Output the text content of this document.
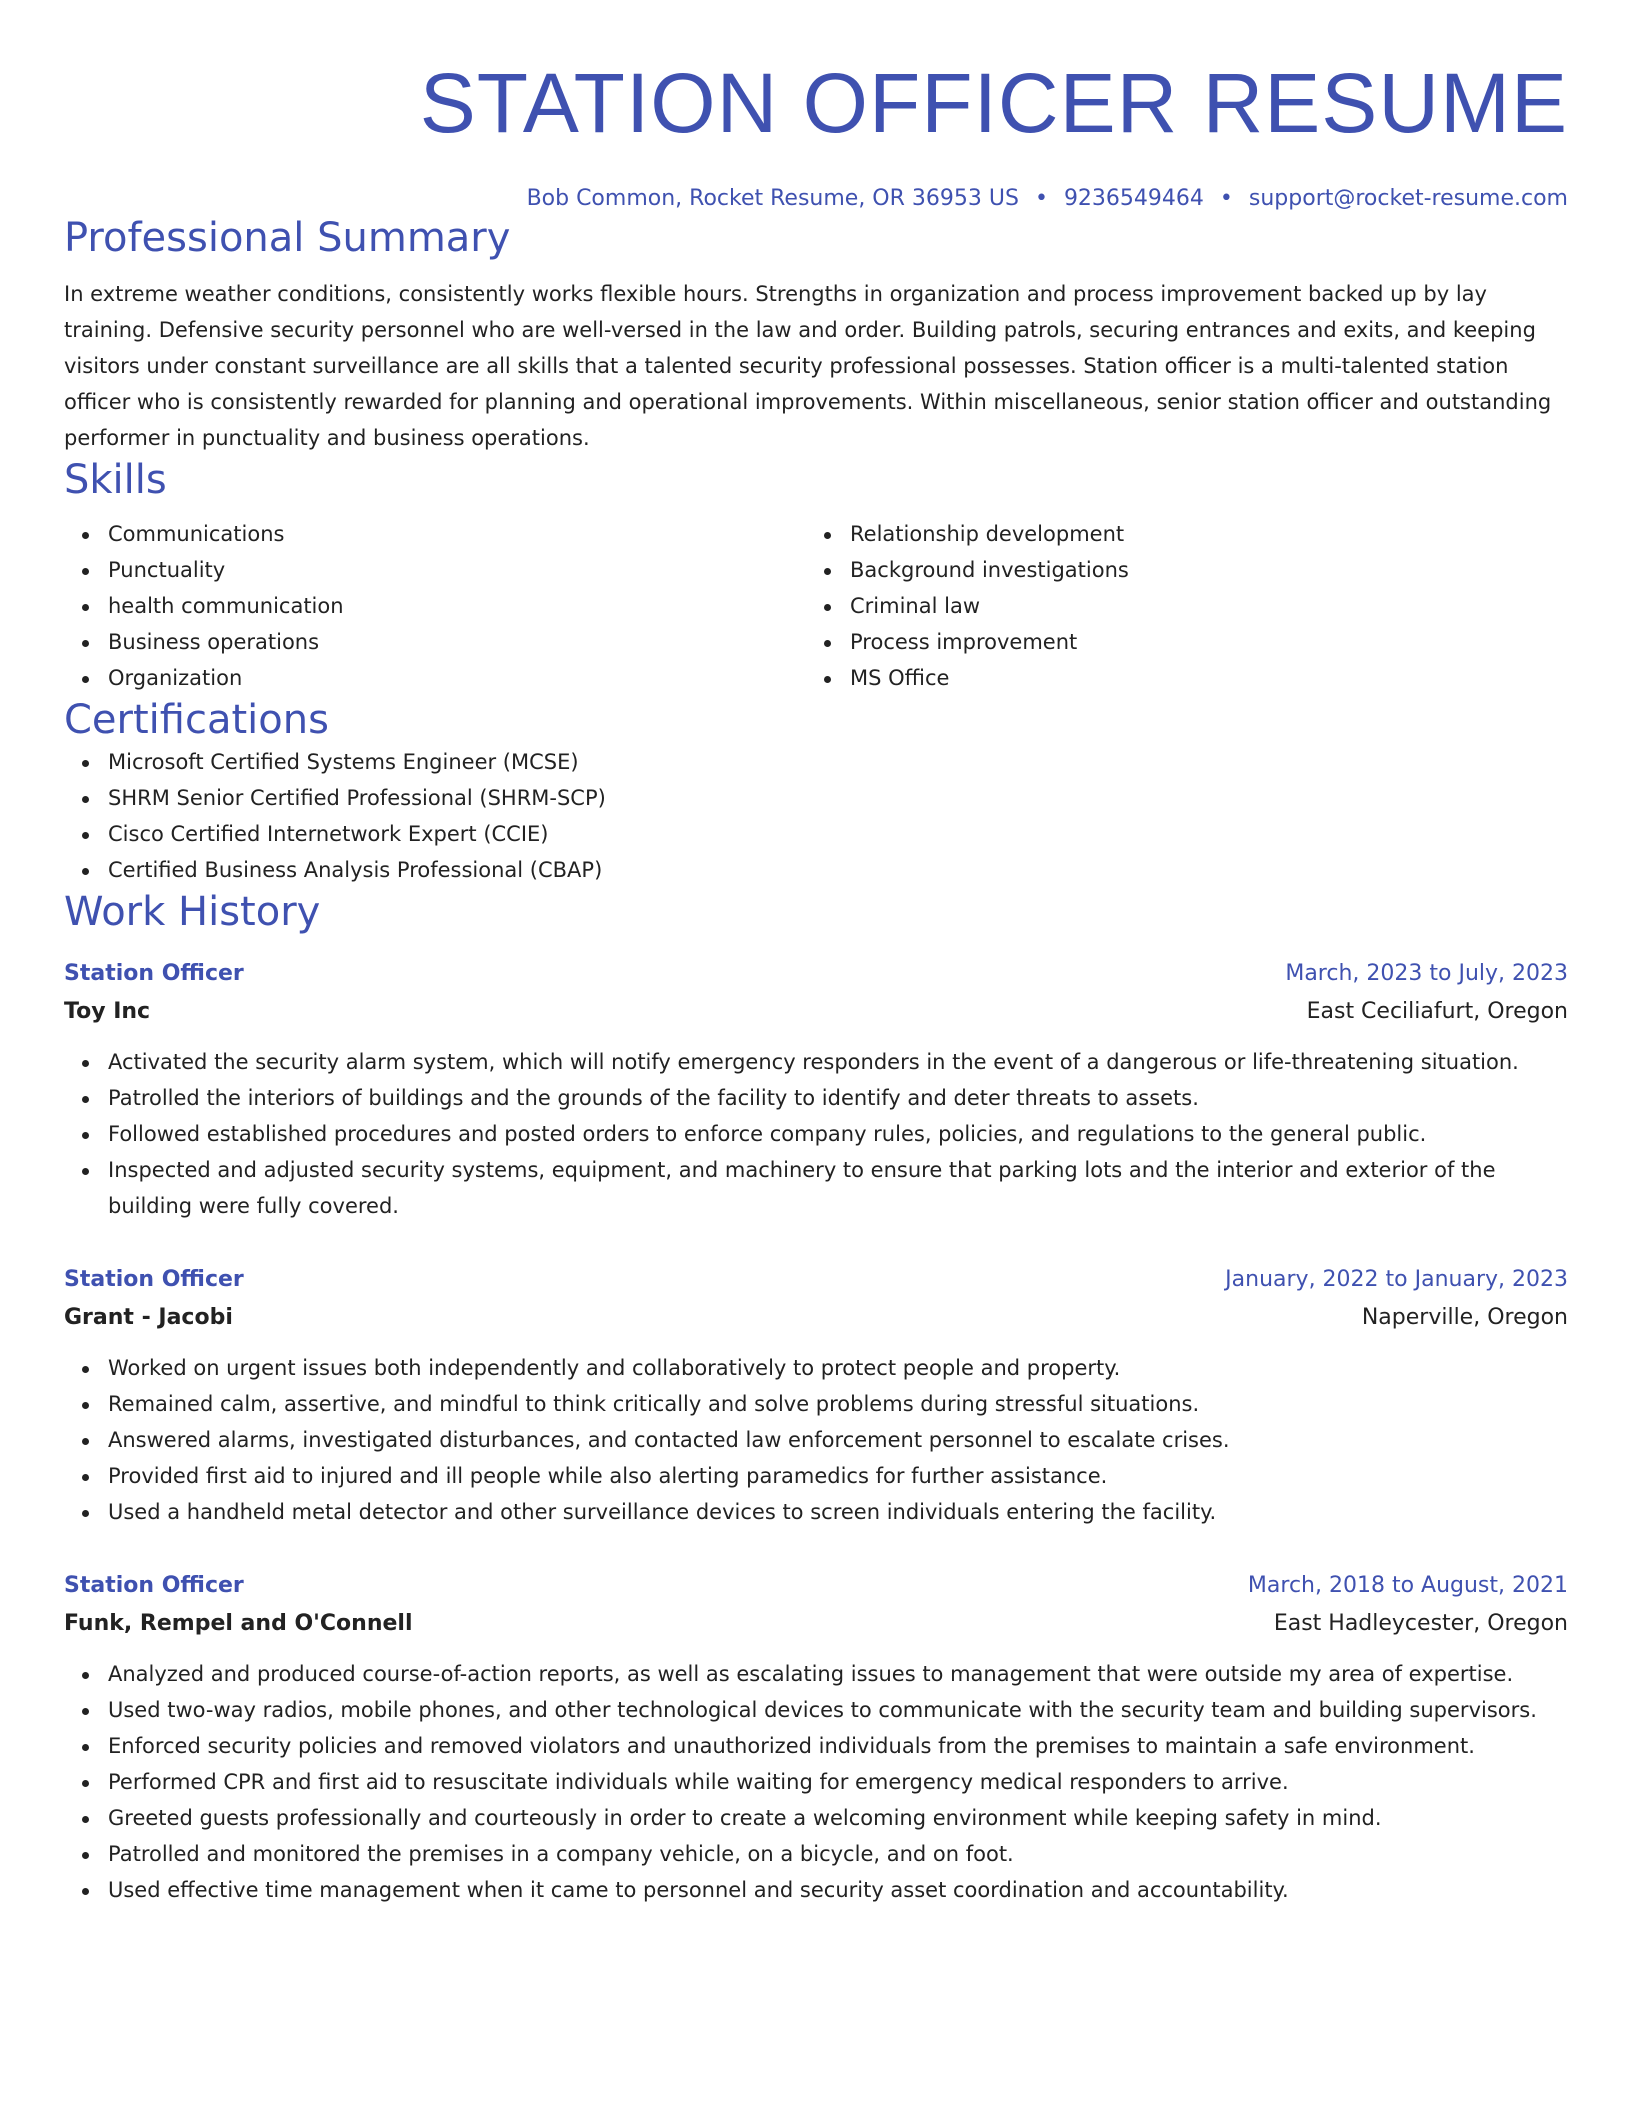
STATION OFFICER RESUME
Bob Common, Rocket Resume, OR 36953 US • 9236549464 • support@rocket-resume.com
Professional Summary

In extreme weather conditions, consistently works flexible hours. Strengths in organization and process improvement backed up by lay training. Defensive security personnel who are well-versed in the law and order. Building patrols, securing entrances and exits, and keeping visitors under constant surveillance are all skills that a talented security professional possesses. Station officer is a multi-talented station officer who is consistently rewarded for planning and operational improvements. Within miscellaneous, senior station officer and outstanding performer in punctuality and business operations.

Skills
Communications
Punctuality
health communication
Business operations
Organization
Relationship development
Background investigations
Criminal law
Process improvement
MS Office
Certifications
Microsoft Certified Systems Engineer (MCSE)
SHRM Senior Certified Professional (SHRM-SCP)
Cisco Certified Internetwork Expert (CCIE)
Certified Business Analysis Professional (CBAP)
Work History
Station Officer	March, 2023 to July, 2023
Toy Inc	East Ceciliafurt, Oregon
Activated the security alarm system, which will notify emergency responders in the event of a dangerous or life-threatening situation.
Patrolled the interiors of buildings and the grounds of the facility to identify and deter threats to assets.
Followed established procedures and posted orders to enforce company rules, policies, and regulations to the general public.
Inspected and adjusted security systems, equipment, and machinery to ensure that parking lots and the interior and exterior of the building were fully covered.
Station Officer	January, 2022 to January, 2023
Grant - Jacobi	Naperville, Oregon
Worked on urgent issues both independently and collaboratively to protect people and property.
Remained calm, assertive, and mindful to think critically and solve problems during stressful situations.
Answered alarms, investigated disturbances, and contacted law enforcement personnel to escalate crises.
Provided first aid to injured and ill people while also alerting paramedics for further assistance.
Used a handheld metal detector and other surveillance devices to screen individuals entering the facility.
Station Officer	March, 2018 to August, 2021
Funk, Rempel and O'Connell	East Hadleycester, Oregon
Analyzed and produced course-of-action reports, as well as escalating issues to management that were outside my area of expertise.
Used two-way radios, mobile phones, and other technological devices to communicate with the security team and building supervisors.
Enforced security policies and removed violators and unauthorized individuals from the premises to maintain a safe environment.
Performed CPR and first aid to resuscitate individuals while waiting for emergency medical responders to arrive.
Greeted guests professionally and courteously in order to create a welcoming environment while keeping safety in mind.
Patrolled and monitored the premises in a company vehicle, on a bicycle, and on foot.
Used effective time management when it came to personnel and security asset coordination and accountability.
